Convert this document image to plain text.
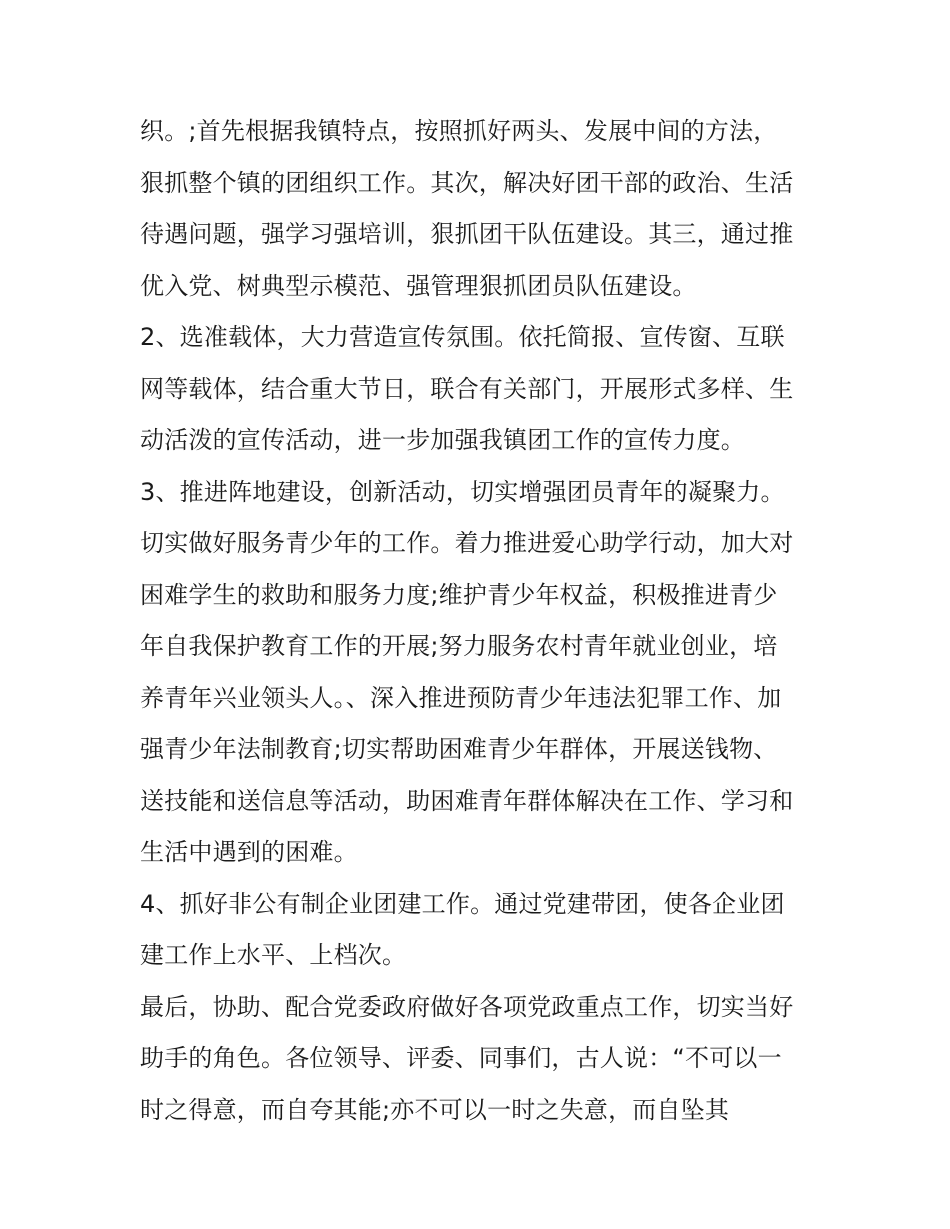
织。;首先根据我镇特点，按照抓好两头、发展中间的方法，
狠抓整个镇的团组织工作。其次，解决好团干部的政治、生活
待遇问题，强学习强培训，狠抓团干队伍建设。其三，通过推
优入党、树典型示模范、强管理狠抓团员队伍建设。
2、选准载体，大力营造宣传氛围。依托简报、宣传窗、互联
网等载体，结合重大节日，联合有关部门，开展形式多样、生
动活泼的宣传活动，进一步加强我镇团工作的宣传力度。
3、推进阵地建设，创新活动，切实增强团员青年的凝聚力。
切实做好服务青少年的工作。着力推进爱心助学行动，加大对
困难学生的救助和服务力度;维护青少年权益，积极推进青少
年自我保护教育工作的开展;努力服务农村青年就业创业，培
养青年兴业领头人。、深入推进预防青少年违法犯罪工作、加
强青少年法制教育;切实帮助困难青少年群体，开展送钱物、
送技能和送信息等活动，助困难青年群体解决在工作、学习和
生活中遇到的困难。
4、抓好非公有制企业团建工作。通过党建带团，使各企业团
建工作上水平、上档次。
最后，协助、配合党委政府做好各项党政重点工作，切实当好
助手的角色。各位领导、评委、同事们，古人说：“不可以一
时之得意，而自夸其能;亦不可以一时之失意，而自坠其
